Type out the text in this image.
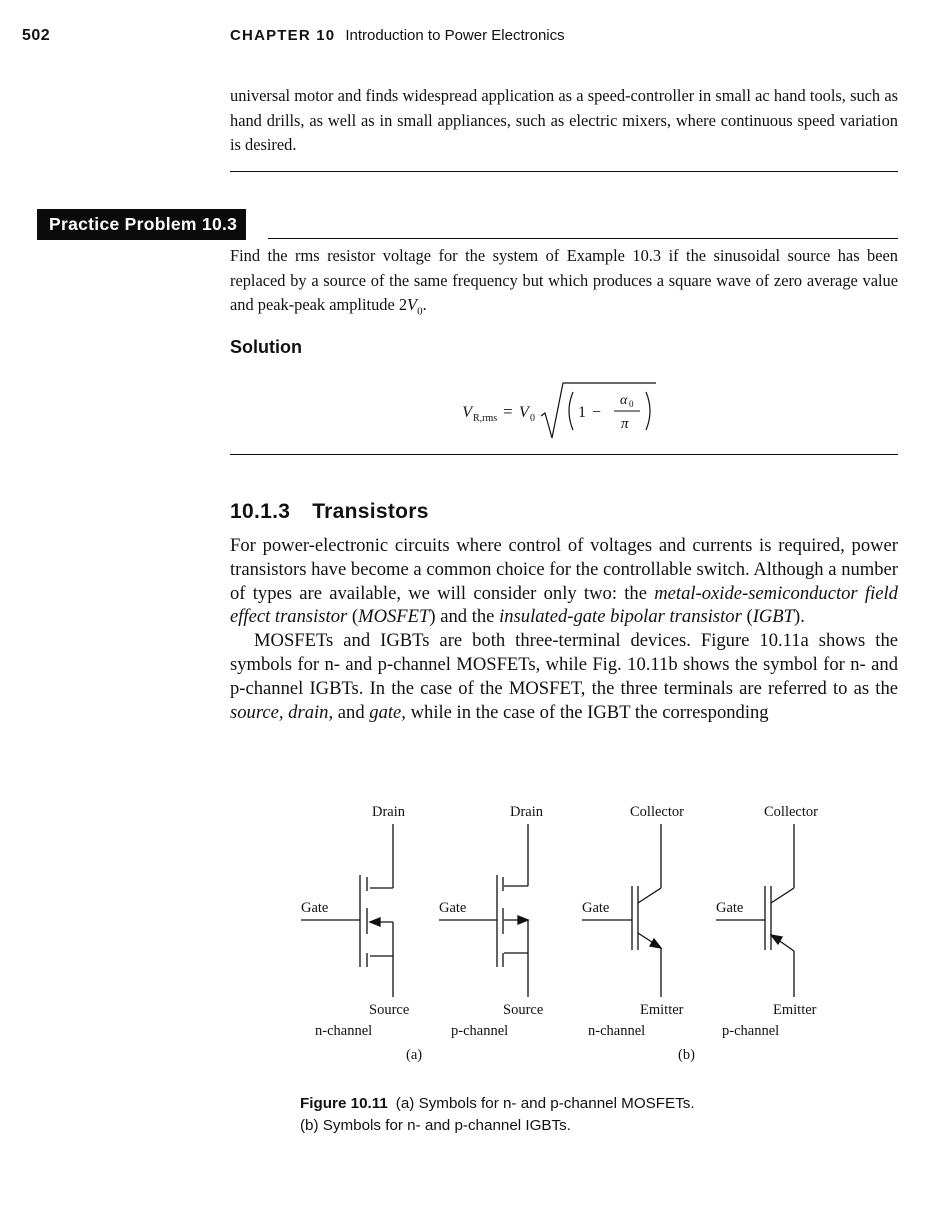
502	CHAPTER 10 Introduction to Power Electronics
universal motor and finds widespread application as a speed-controller in small ac hand tools, such as hand drills, as well as in small appliances, such as electric mixers, where continuous speed variation is desired.
Practice Problem 10.3
Find the rms resistor voltage for the system of Example 10.3 if the sinusoidal source has been replaced by a source of the same frequency but which produces a square wave of zero average value and peak-peak amplitude $2V_0$.
Solution
V R,rms = V 0	1 −
α 0
π
10.1.3 Transistors
For power-electronic circuits where control of voltages and currents is required, power transistors have become a common choice for the controllable switch. Although a number of types are available, we will consider only two: the metal-oxide-semiconductor field effect transistor (MOSFET) and the insulated-gate bipolar transistor (IGBT).
MOSFETs and IGBTs are both three-terminal devices. Figure 10.11a shows the symbols for n- and p-channel MOSFETs, while Fig. 10.11b shows the symbol for n- and p-channel IGBTs. In the case of the MOSFET, the three terminals are referred to as the source, drain, and gate, while in the case of the IGBT the corresponding
Drain
Gate
Source
n-channel
Drain
Gate
Source
p-channel
Collector
Gate
Emitter
n-channel
Collector
Gate
Emitter
p-channel
(a)	(b)
Figure 10.11 (a) Symbols for n- and p-channel MOSFETs.
(b) Symbols for n- and p-channel IGBTs.
